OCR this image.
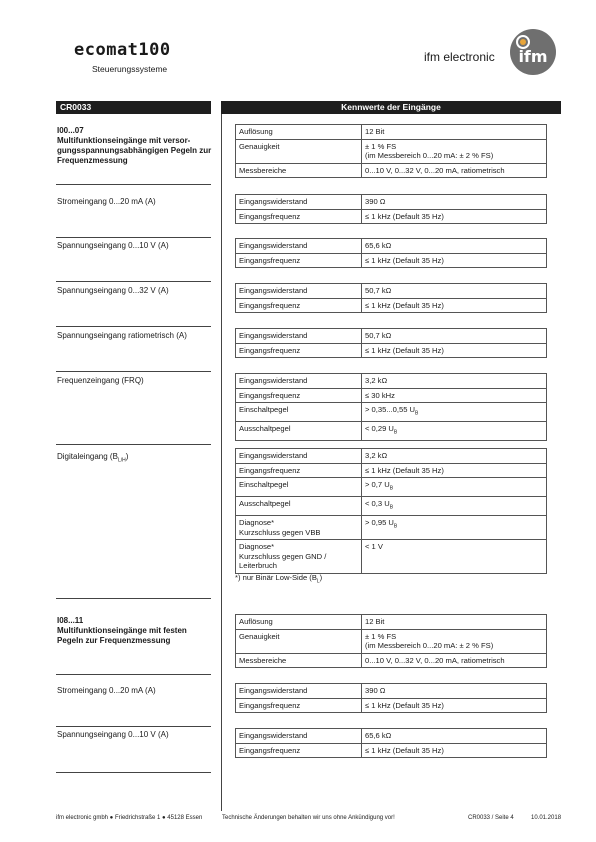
ecomat100
Steuerungssysteme
ifm electronic ifm
CR0033	Kennwerte der Eingänge
I00...07
Multifunktionseingänge mit versor-gungsspannungsabhängigen Pegeln zur Frequenzmessung
Stromeingang 0...20 mA (A)
Spannungseingang 0...10 V (A)
Spannungseingang 0...32 V (A)
Spannungseingang ratiometrisch (A)
Frequenzeingang (FRQ)
Digitaleingang $(B_{L/H})$
Auflösung	12 Bit
Genauigkeit	± 1 % FS
(im Messbereich 0...20 mA: ± 2 % FS)
Messbereiche	0...10 V, 0...32 V, 0...20 mA, ratiometrisch
Eingangswiderstand	390 Ω
Eingangsfrequenz	≤ 1 kHz (Default 35 Hz)
Eingangswiderstand	65,6 kΩ
Eingangsfrequenz	≤ 1 kHz (Default 35 Hz)
Eingangswiderstand	50,7 kΩ
Eingangsfrequenz	≤ 1 kHz (Default 35 Hz)
Eingangswiderstand	50,7 kΩ
Eingangsfrequenz	≤ 1 kHz (Default 35 Hz)
Eingangswiderstand	3,2 kΩ
Eingangsfrequenz	≤ 30 kHz
Einschaltpegel	> 0,35...0,55 $U_B$
Ausschaltpegel	< 0,29 $U_B$
Eingangswiderstand	3,2 kΩ
Eingangsfrequenz	≤ 1 kHz (Default 35 Hz)
Einschaltpegel	> 0,7 $U_B$
Ausschaltpegel	< 0,3 $U_B$
Diagnose*
Kurzschluss gegen VBB	> 0,95 $U_B$
Diagnose*
Kurzschluss gegen GND /
Leiterbruch	< 1 V
*) nur Binär Low-Side $(B_L)$
I08...11
Multifunktionseingänge mit festen Pegeln zur Frequenzmessung
Stromeingang 0...20 mA (A)
Spannungseingang 0...10 V (A)
Auflösung	12 Bit
Genauigkeit	± 1 % FS
(im Messbereich 0...20 mA: ± 2 % FS)
Messbereiche	0...10 V, 0...32 V, 0...20 mA, ratiometrisch
Eingangswiderstand	390 Ω
Eingangsfrequenz	≤ 1 kHz (Default 35 Hz)
Eingangswiderstand	65,6 kΩ
Eingangsfrequenz	≤ 1 kHz (Default 35 Hz)
ifm electronic gmbh ● Friedrichstraße 1 ● 45128 Essen	Technische Änderungen behalten wir uns ohne Ankündigung vor!	CR0033 / Seite 4	10.01.2018
